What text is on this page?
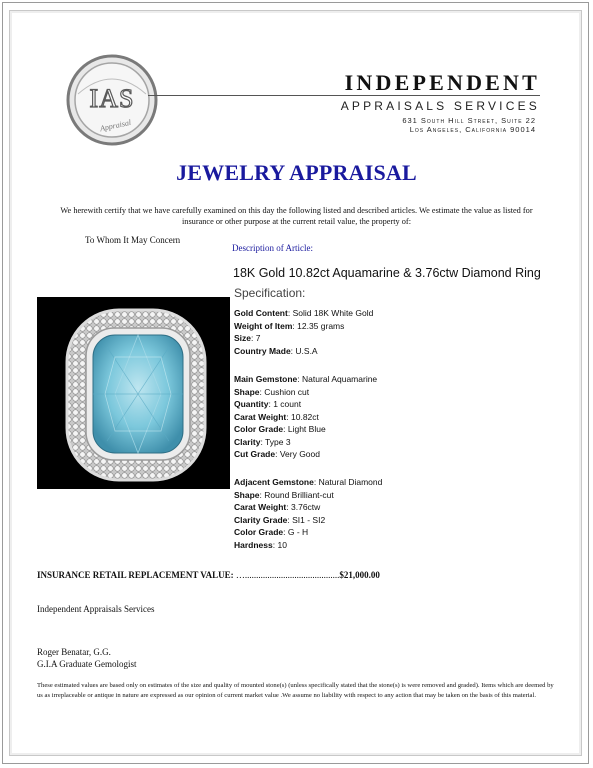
IAS
Appraisal
INDEPENDENT
APPRAISALS SERVICES
631 South Hill Street, Suite 22
Los Angeles, California 90014
JEWELRY APPRAISAL
We herewith certify that we have carefully examined on this day the following listed and described articles. We estimate the value as listed for insurance or other purpose at the current retail value, the property of:
To Whom It May Concern
Description of Article:
18K Gold 10.82ct Aquamarine & 3.76ctw Diamond Ring
Specification:
Gold Content: Solid 18K White Gold
Weight of Item: 12.35 grams
Size: 7
Country Made: U.S.A
Main Gemstone: Natural Aquamarine
Shape: Cushion cut
Quantity: 1 count
Carat Weight: 10.82ct
Color Grade: Light Blue
Clarity: Type 3
Cut Grade: Very Good
Adjacent Gemstone: Natural Diamond
Shape: Round Brilliant-cut
Carat Weight: 3.76ctw
Clarity Grade: SI1 - SI2
Color Grade: G - H
Hardness: 10
INSURANCE RETAIL REPLACEMENT VALUE: …..........................................$21,000.00
Independent Appraisals Services
Roger Benatar, G.G.
G.I.A Graduate Gemologist
These estimated values are based only on estimates of the size and quality of mounted stone(s) (unless specifically stated that the stone(s) is were removed and graded). Items which are deemed by us as irreplaceable or antique in nature are expressed as our opinion of current market value .We assume no liability with respect to any action that may be taken on the basis of this material.
